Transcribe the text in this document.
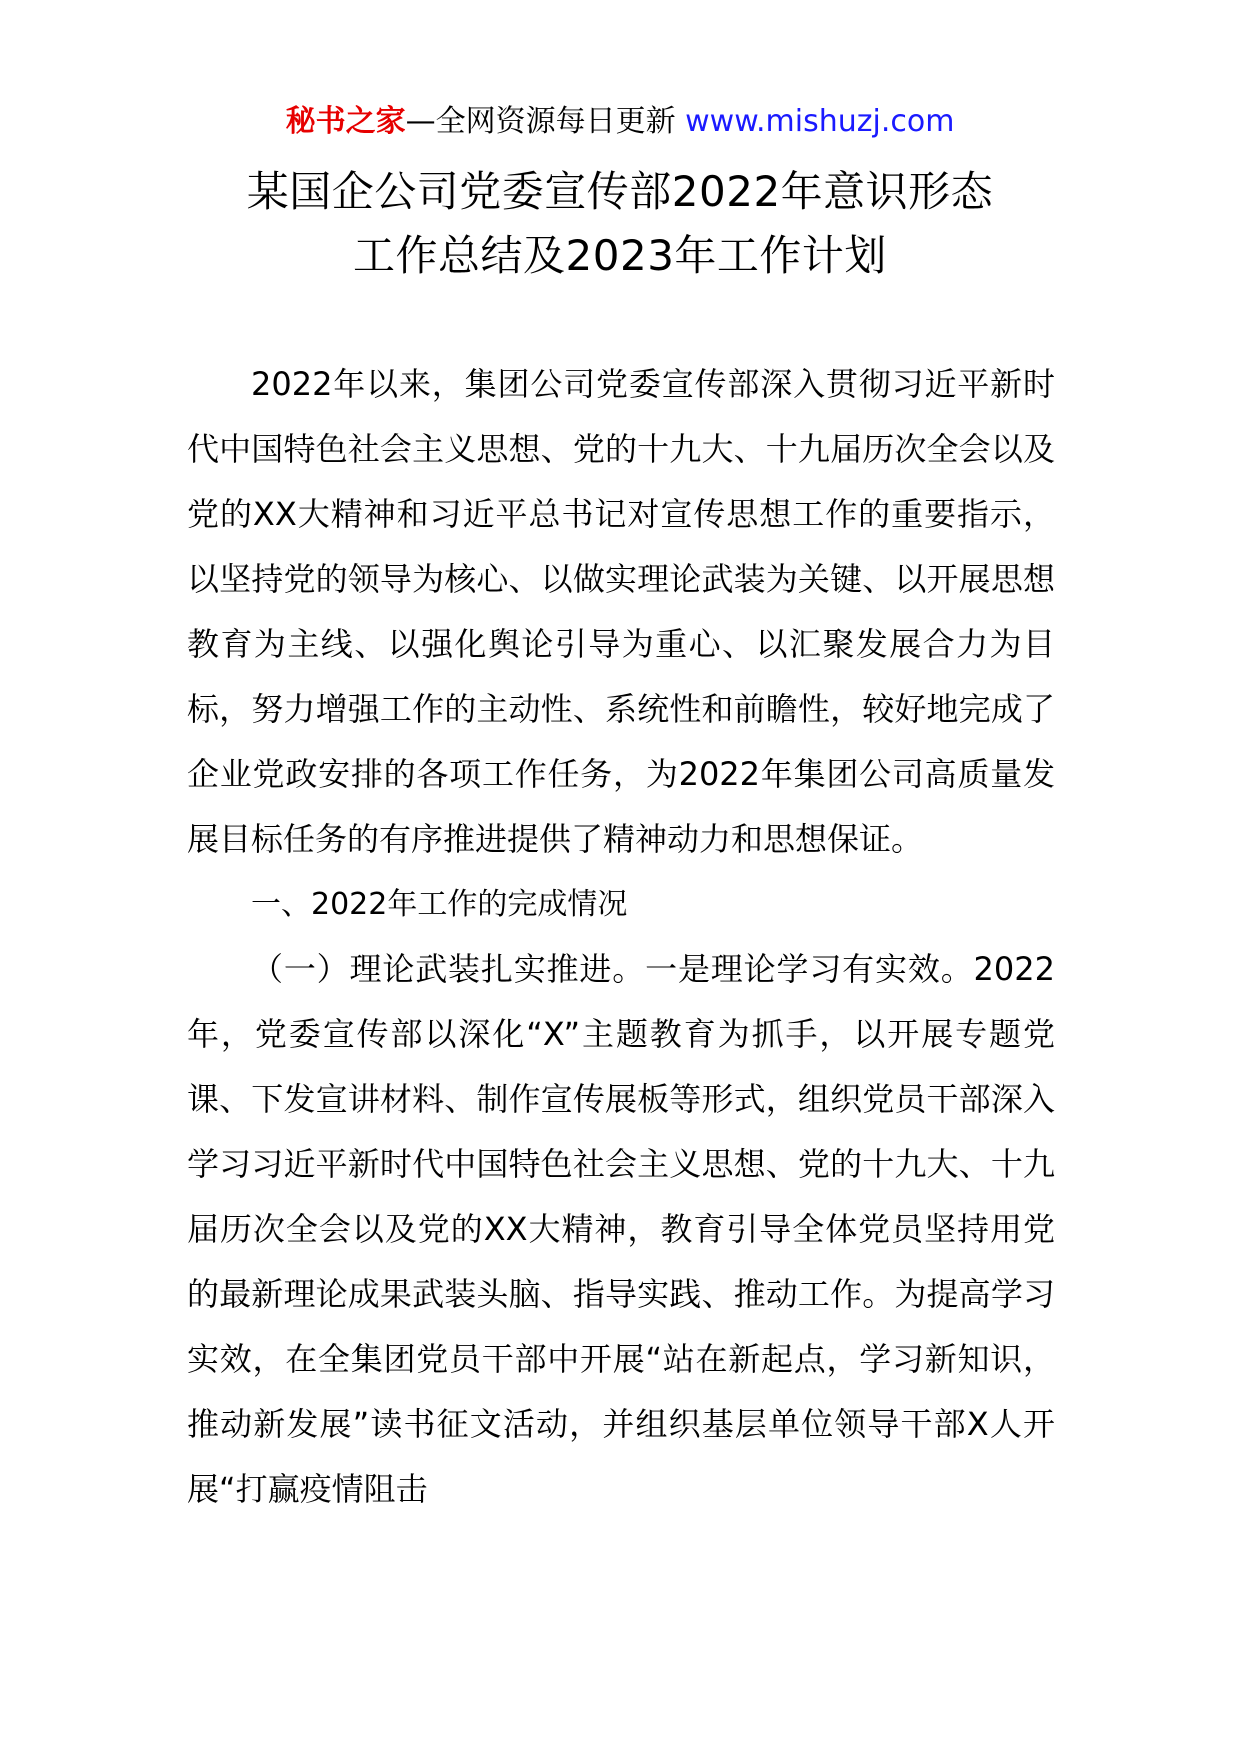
秘书之家—全网资源每日更新 www.mishuzj.com
某国企公司党委宣传部2022年意识形态
工作总结及2023年工作计划

2022年以来，集团公司党委宣传部深入贯彻习近平新时代中国特色社会主义思想、党的十九大、十九届历次全会以及党的XX大精神和习近平总书记对宣传思想工作的重要指示，以坚持党的领导为核心、以做实理论武装为关键、以开展思想教育为主线、以强化舆论引导为重心、以汇聚发展合力为目标，努力增强工作的主动性、系统性和前瞻性，较好地完成了企业党政安排的各项工作任务，为2022年集团公司高质量发展目标任务的有序推进提供了精神动力和思想保证。

一、2022年工作的完成情况

（一）理论武装扎实推进。一是理论学习有实效。2022年，党委宣传部以深化“X”主题教育为抓手，以开展专题党课、下发宣讲材料、制作宣传展板等形式，组织党员干部深入学习习近平新时代中国特色社会主义思想、党的十九大、十九届历次全会以及党的XX大精神，教育引导全体党员坚持用党的最新理论成果武装头脑、指导实践、推动工作。为提高学习实效，在全集团党员干部中开展“站在新起点，学习新知识，推动新发展”读书征文活动，并组织基层单位领导干部X人开展“打赢疫情阻击
